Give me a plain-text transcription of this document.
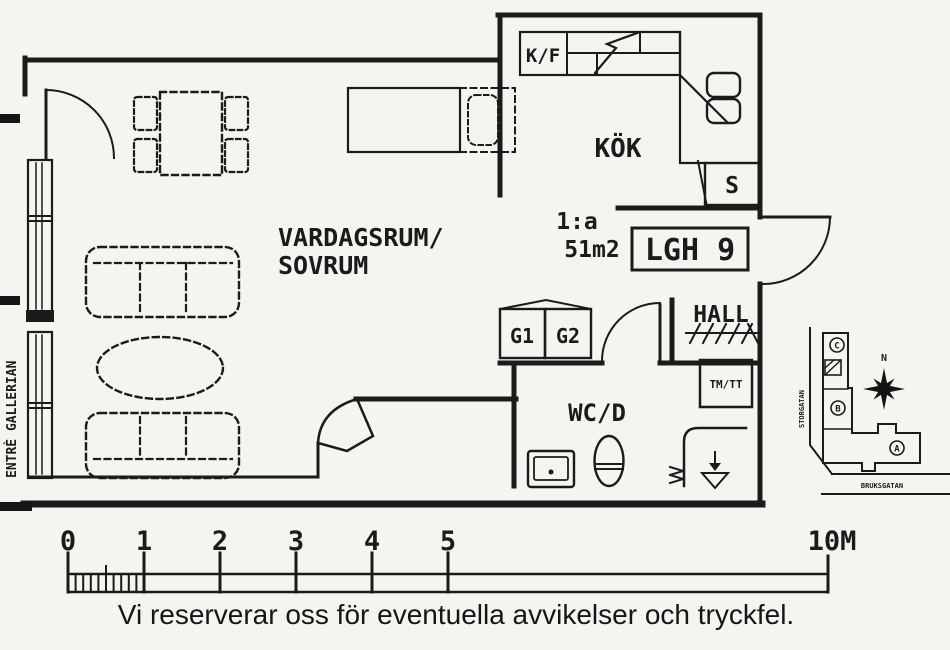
ENTRÈ GALLERIAN
K/F
S
KÖK
VARDAGSRUM/
SOVRUM
1:a
51m2 LGH 9
HALL
TM/TT
G1 G2
WC/D
C
B
A
N
STORGATAN
BRUKSGATAN
0 1 2 3 4 5	10M
Vi reserverar oss för eventuella avvikelser och tryckfel.
